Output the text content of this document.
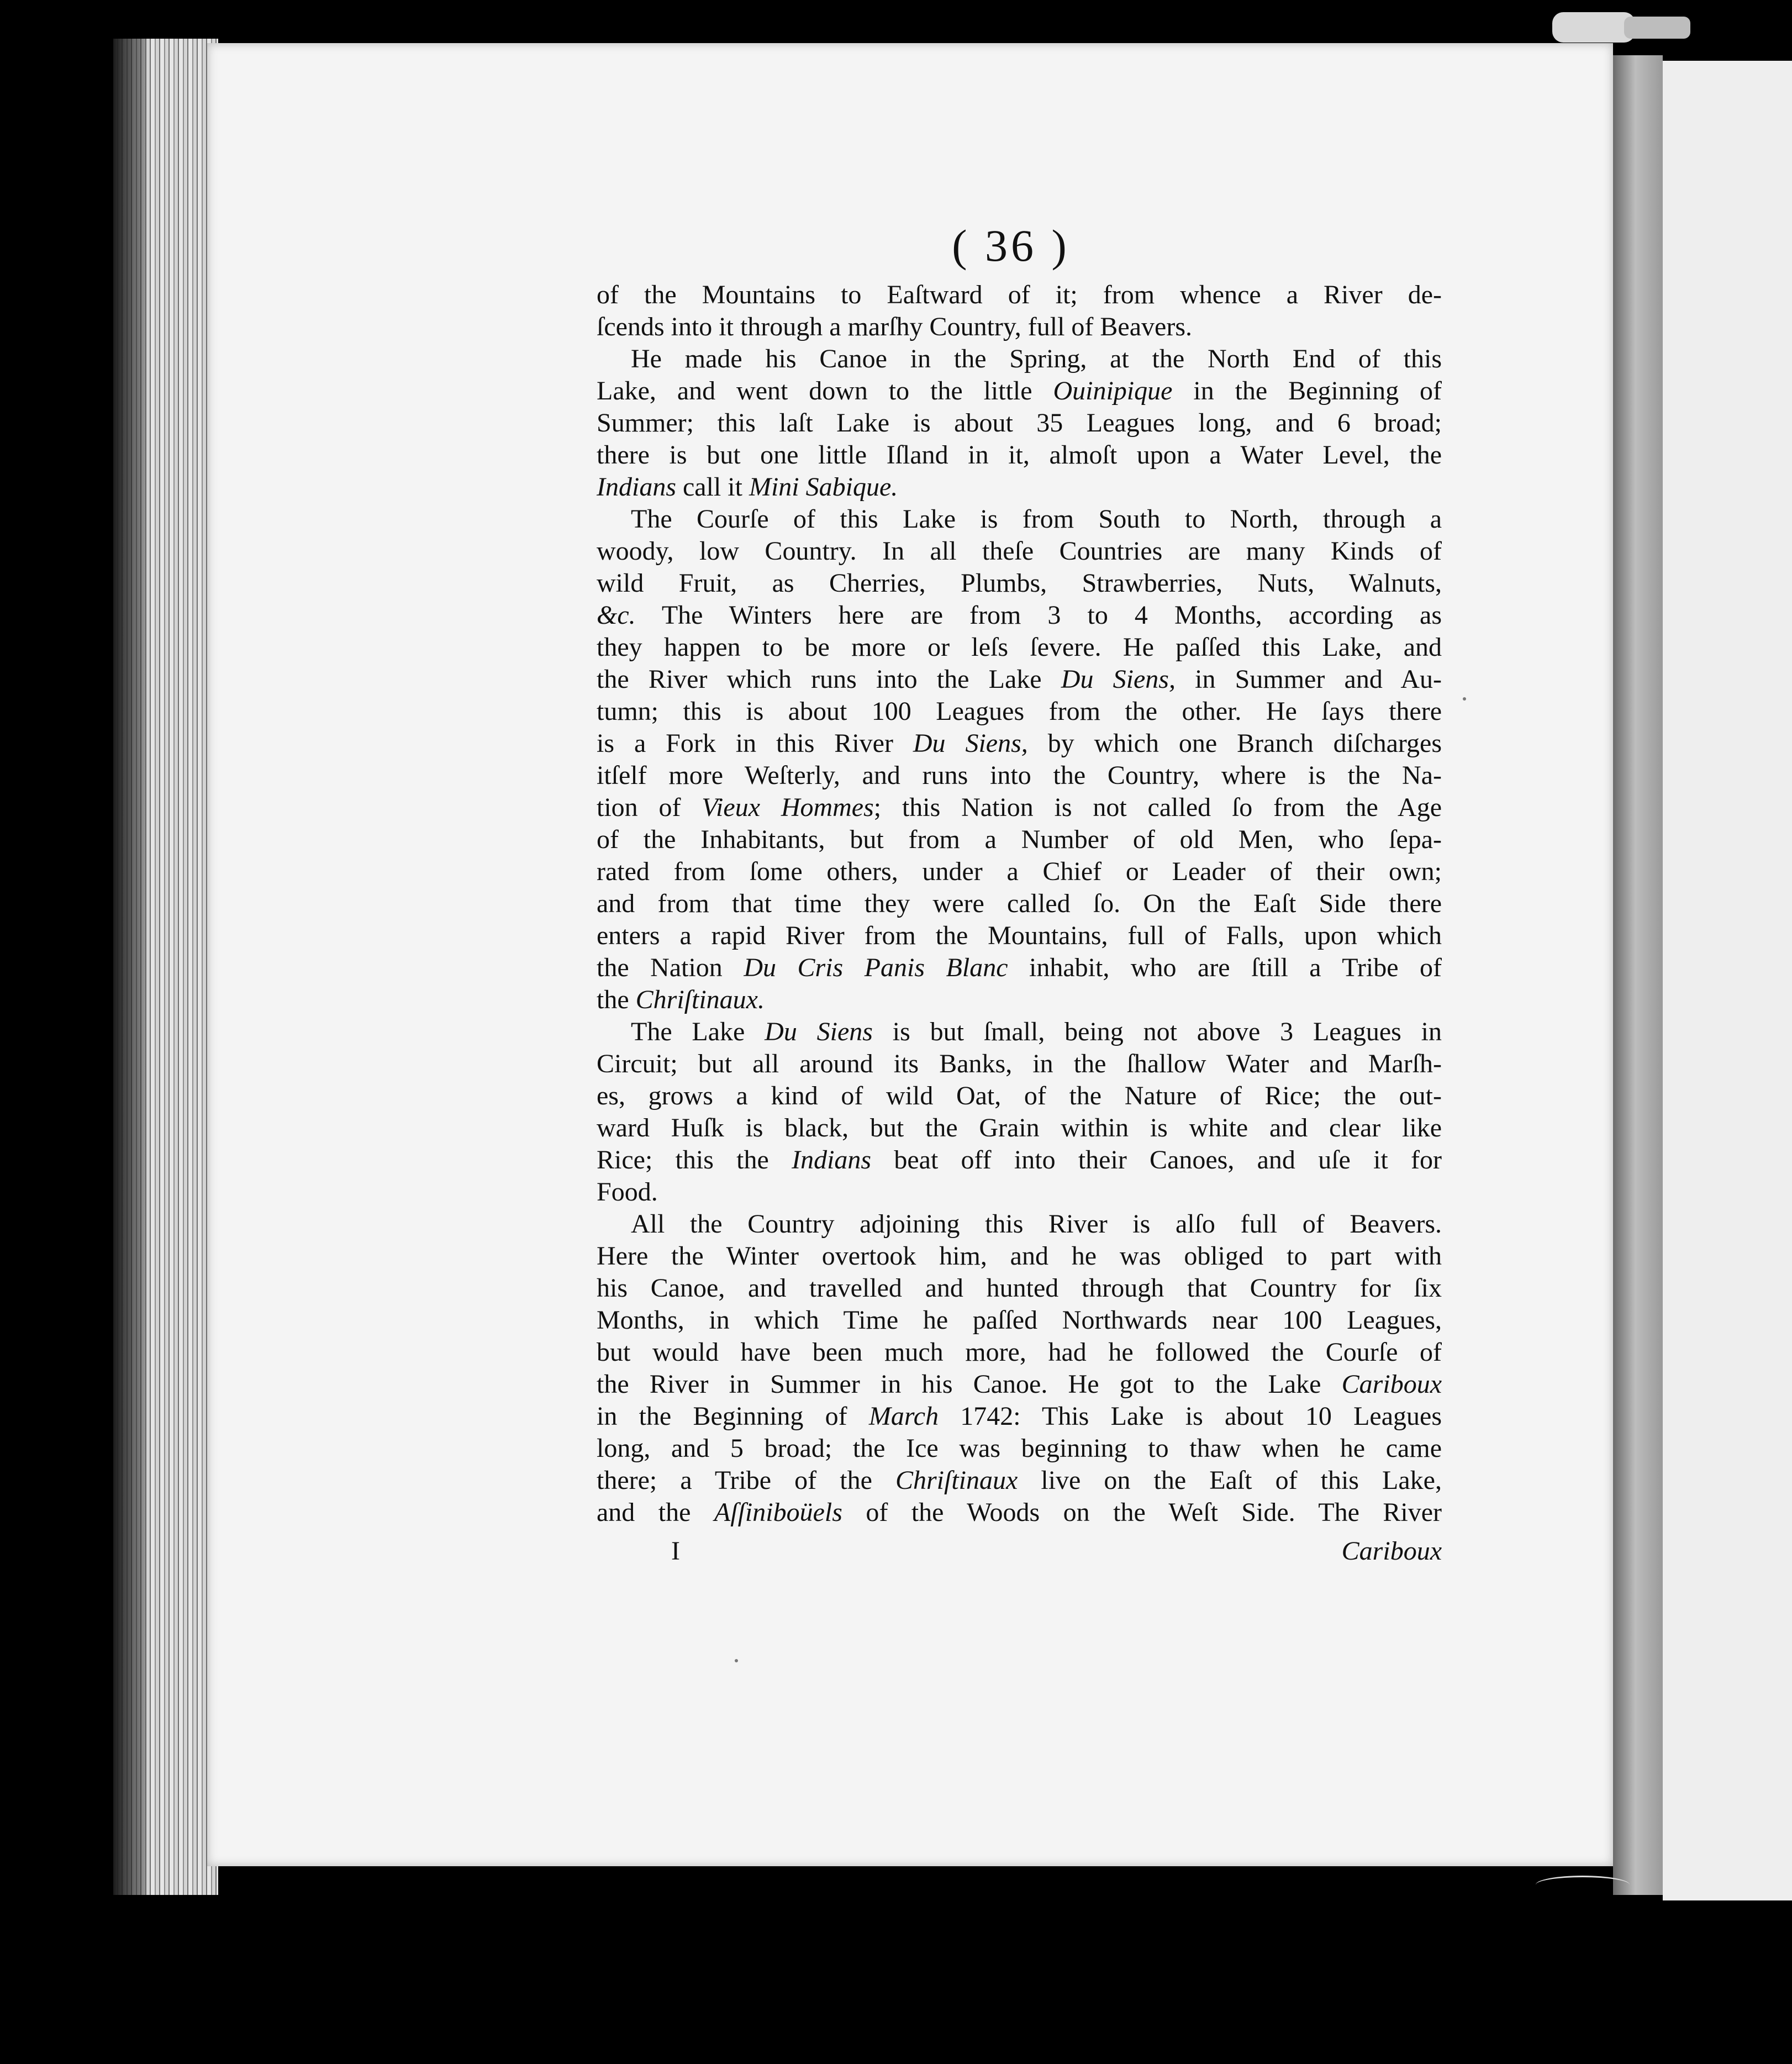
( 36 )
of the Mountains to Eaſtward of it; from whence a River de-
ſcends into it through a marſhy Country, full of Beavers.
He made his Canoe in the Spring, at the North End of this
Lake, and went down to the little Ouinipique in the Beginning of
Summer; this laſt Lake is about 35 Leagues long, and 6 broad;
there is but one little Iſland in it, almoſt upon a Water Level, the
Indians call it Mini Sabique.
The Courſe of this Lake is from South to North, through a
woody, low Country. In all theſe Countries are many Kinds of
wild Fruit, as Cherries, Plumbs, Strawberries, Nuts, Walnuts,
&c. The Winters here are from 3 to 4 Months, according as
they happen to be more or leſs ſevere. He paſſed this Lake, and
the River which runs into the Lake Du Siens, in Summer and Au-
tumn; this is about 100 Leagues from the other. He ſays there
is a Fork in this River Du Siens, by which one Branch diſcharges
itſelf more Weſterly, and runs into the Country, where is the Na-
tion of Vieux Hommes; this Nation is not called ſo from the Age
of the Inhabitants, but from a Number of old Men, who ſepa-
rated from ſome others, under a Chief or Leader of their own;
and from that time they were called ſo. On the Eaſt Side there
enters a rapid River from the Mountains, full of Falls, upon which
the Nation Du Cris Panis Blanc inhabit, who are ſtill a Tribe of
the Chriſtinaux.
The Lake Du Siens is but ſmall, being not above 3 Leagues in
Circuit; but all around its Banks, in the ſhallow Water and Marſh-
es, grows a kind of wild Oat, of the Nature of Rice; the out-
ward Huſk is black, but the Grain within is white and clear like
Rice; this the Indians beat off into their Canoes, and uſe it for
Food.
All the Country adjoining this River is alſo full of Beavers.
Here the Winter overtook him, and he was obliged to part with
his Canoe, and travelled and hunted through that Country for ſix
Months, in which Time he paſſed Northwards near 100 Leagues,
but would have been much more, had he followed the Courſe of
the River in Summer in his Canoe. He got to the Lake Cariboux
in the Beginning of March 1742: This Lake is about 10 Leagues
long, and 5 broad; the Ice was beginning to thaw when he came
there; a Tribe of the Chriſtinaux live on the Eaſt of this Lake,
and the Aſſiniboüels of the Woods on the Weſt Side. The River
I	Cariboux
